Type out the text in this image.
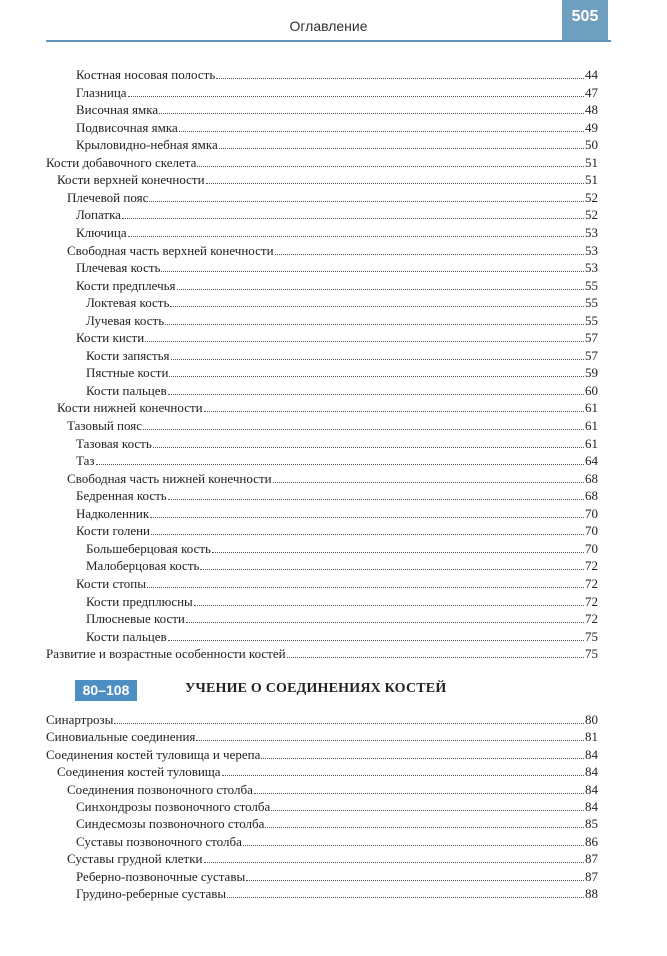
Оглавление
505
Костная носовая полость	44
Глазница	47
Височная ямка	48
Подвисочная ямка	49
Крыловидно-небная ямка	50
Кости добавочного скелета	51
Кости верхней конечности	51
Плечевой пояс	52
Лопатка	52
Ключица	53
Свободная часть верхней конечности	53
Плечевая кость	53
Кости предплечья	55
Локтевая кость	55
Лучевая кость	55
Кости кисти	57
Кости запястья	57
Пястные кости	59
Кости пальцев	60
Кости нижней конечности	61
Тазовый пояс	61
Тазовая кость	61
Таз	64
Свободная часть нижней конечности	68
Бедренная кость	68
Надколенник	70
Кости голени	70
Большеберцовая кость	70
Малоберцовая кость	72
Кости стопы	72
Кости предплюсны	72
Плюсневые кости	72
Кости пальцев	75
Развитие и возрастные особенности костей	75
Синартрозы	80
Синовиальные соединения	81
Соединения костей туловища и черепа	84
Соединения костей туловища	84
Соединения позвоночного столба	84
Синхондрозы позвоночного столба	84
Синдесмозы позвоночного столба	85
Суставы позвоночного столба	86
Суставы грудной клетки	87
Реберно-позвоночные суставы	87
Грудино-реберные суставы	88
80–108	УЧЕНИЕ О СОЕДИНЕНИЯХ КОСТЕЙ
